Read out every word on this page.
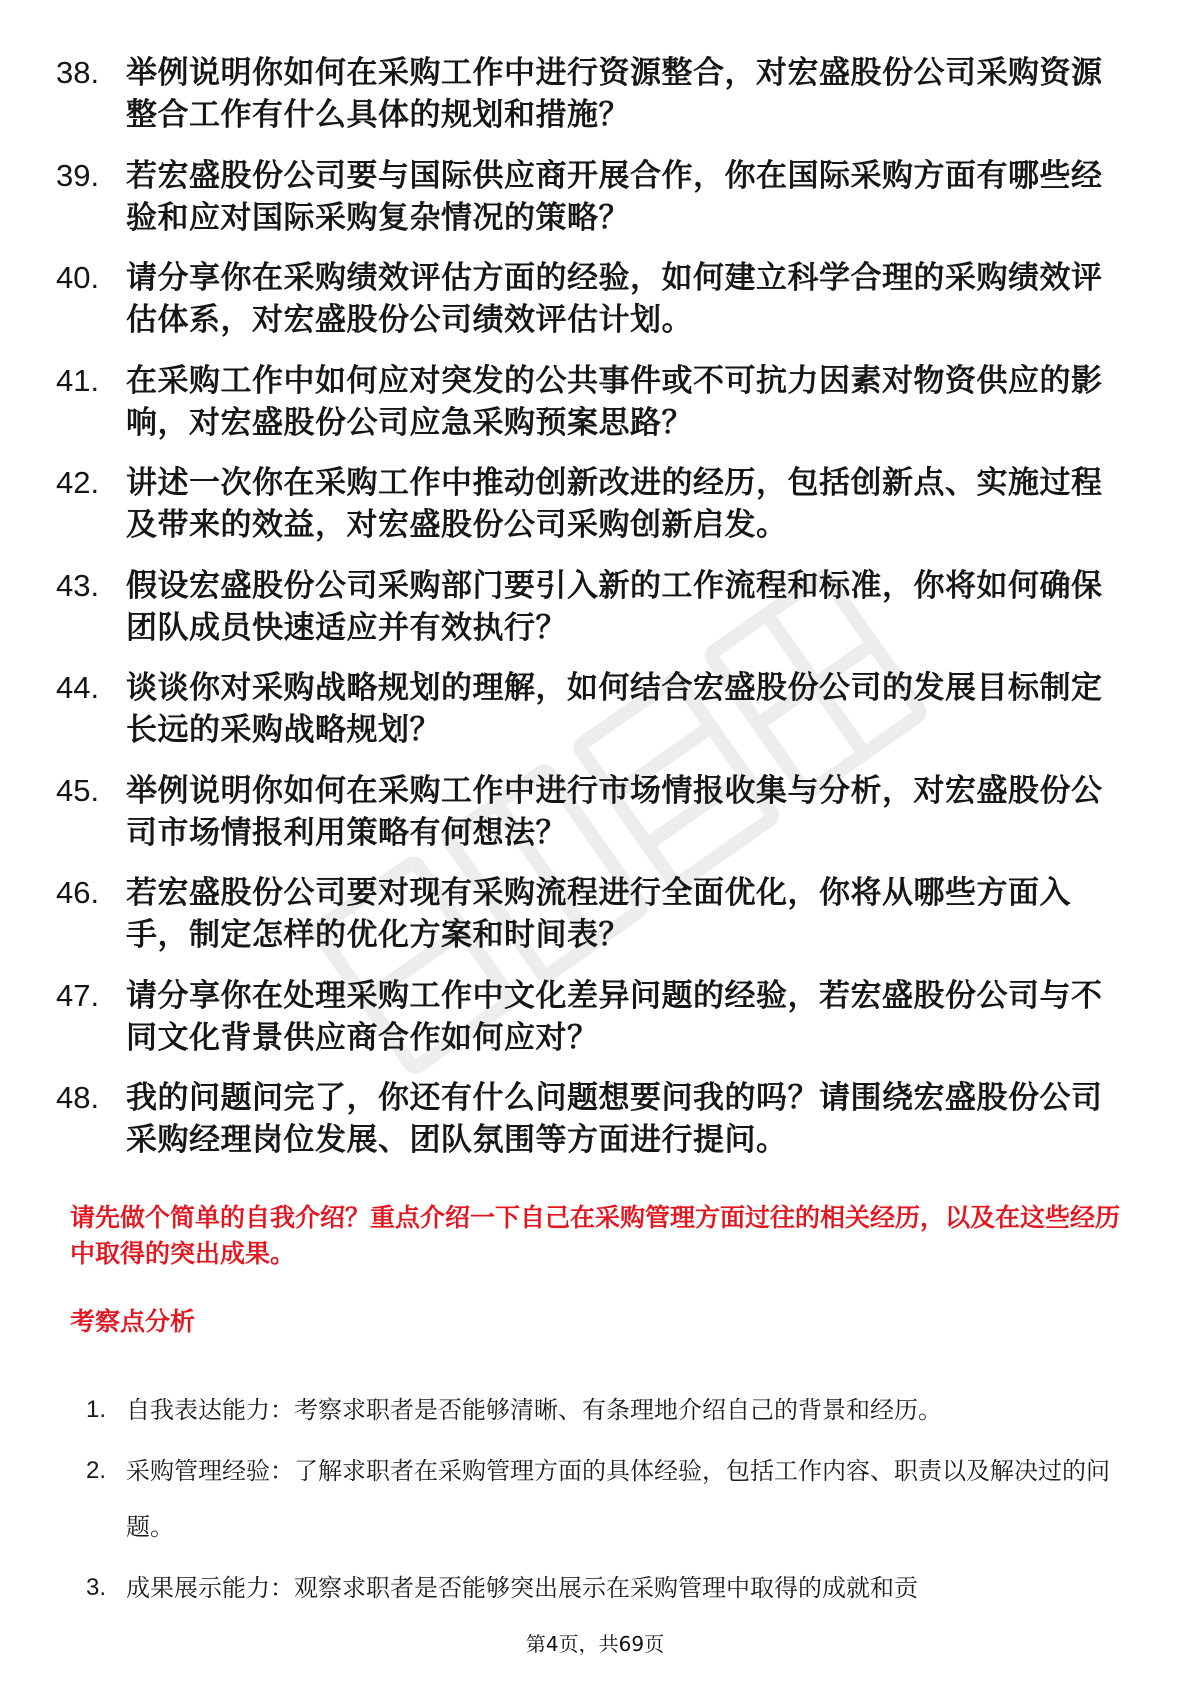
38. 举例说明你如何在采购工作中进行资源整合，对宏盛股份公司采购资源整合工作有什么具体的规划和措施？
39. 若宏盛股份公司要与国际供应商开展合作，你在国际采购方面有哪些经验和应对国际采购复杂情况的策略？
40. 请分享你在采购绩效评估方面的经验，如何建立科学合理的采购绩效评估体系，对宏盛股份公司绩效评估计划。
41. 在采购工作中如何应对突发的公共事件或不可抗力因素对物资供应的影响，对宏盛股份公司应急采购预案思路？
42. 讲述一次你在采购工作中推动创新改进的经历，包括创新点、实施过程及带来的效益，对宏盛股份公司采购创新启发。
43. 假设宏盛股份公司采购部门要引入新的工作流程和标准，你将如何确保团队成员快速适应并有效执行？
44. 谈谈你对采购战略规划的理解，如何结合宏盛股份公司的发展目标制定长远的采购战略规划？
45. 举例说明你如何在采购工作中进行市场情报收集与分析，对宏盛股份公司市场情报利用策略有何想法？
46. 若宏盛股份公司要对现有采购流程进行全面优化，你将从哪些方面入手，制定怎样的优化方案和时间表？
47. 请分享你在处理采购工作中文化差异问题的经验，若宏盛股份公司与不同文化背景供应商合作如何应对？
48. 我的问题问完了，你还有什么问题想要问我的吗？请围绕宏盛股份公司采购经理岗位发展、团队氛围等方面进行提问。

请先做个简单的自我介绍？重点介绍一下自己在采购管理方面过往的相关经历，以及在这些经历中取得的突出成果。

考察点分析
1. 自我表达能力：考察求职者是否能够清晰、有条理地介绍自己的背景和经历。
2. 采购管理经验：了解求职者在采购管理方面的具体经验，包括工作内容、职责以及解决过的问题。
3. 成果展示能力：观察求职者是否能够突出展示在采购管理中取得的成就和贡
第4页，共69页
